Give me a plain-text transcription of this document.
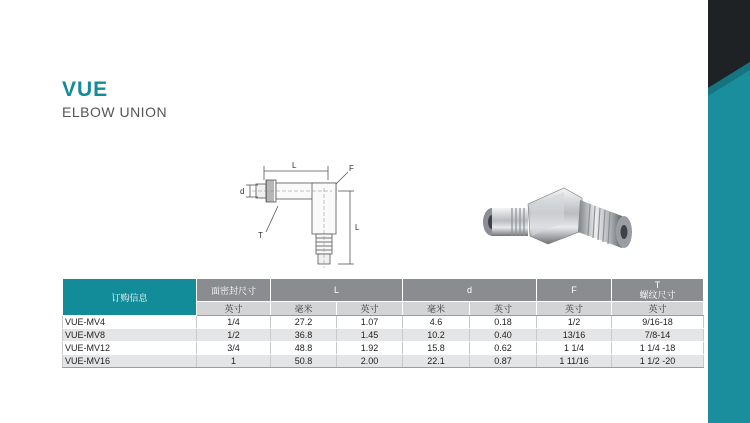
VUE
ELBOW UNION
L	F
d
T
L
订购信息	面密封尺寸	L		d		F	T
螺纹尺寸

	英寸	毫米	英寸	毫米	英寸	英寸	英寸
VUE-MV4	1/4	27.2	1.07	4.6	0.18	1/2	9/16-18
VUE-MV8	1/2	36.8	1.45	10.2	0.40	13/16	7/8-14
VUE-MV12	3/4	48.8	1.92	15.8	0.62	1 1/4	1 1/4 -18
VUE-MV16	1	50.8	2.00	22.1	0.87	1 11/16	1 1/2 -20
